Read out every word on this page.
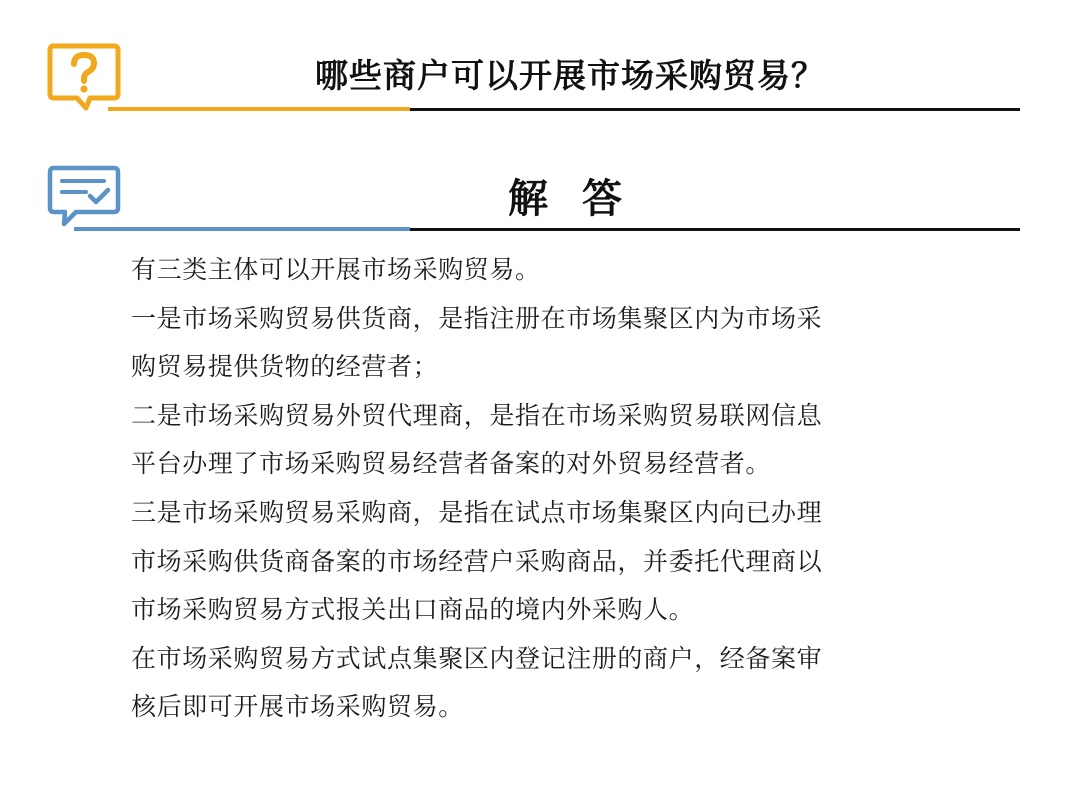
哪些商户可以开展市场采购贸易？
解 答
有三类主体可以开展市场采购贸易。
一是市场采购贸易供货商，是指注册在市场集聚区内为市场采
购贸易提供货物的经营者；
二是市场采购贸易外贸代理商，是指在市场采购贸易联网信息
平台办理了市场采购贸易经营者备案的对外贸易经营者。
三是市场采购贸易采购商，是指在试点市场集聚区内向已办理
市场采购供货商备案的市场经营户采购商品，并委托代理商以
市场采购贸易方式报关出口商品的境内外采购人。
在市场采购贸易方式试点集聚区内登记注册的商户，经备案审
核后即可开展市场采购贸易。
